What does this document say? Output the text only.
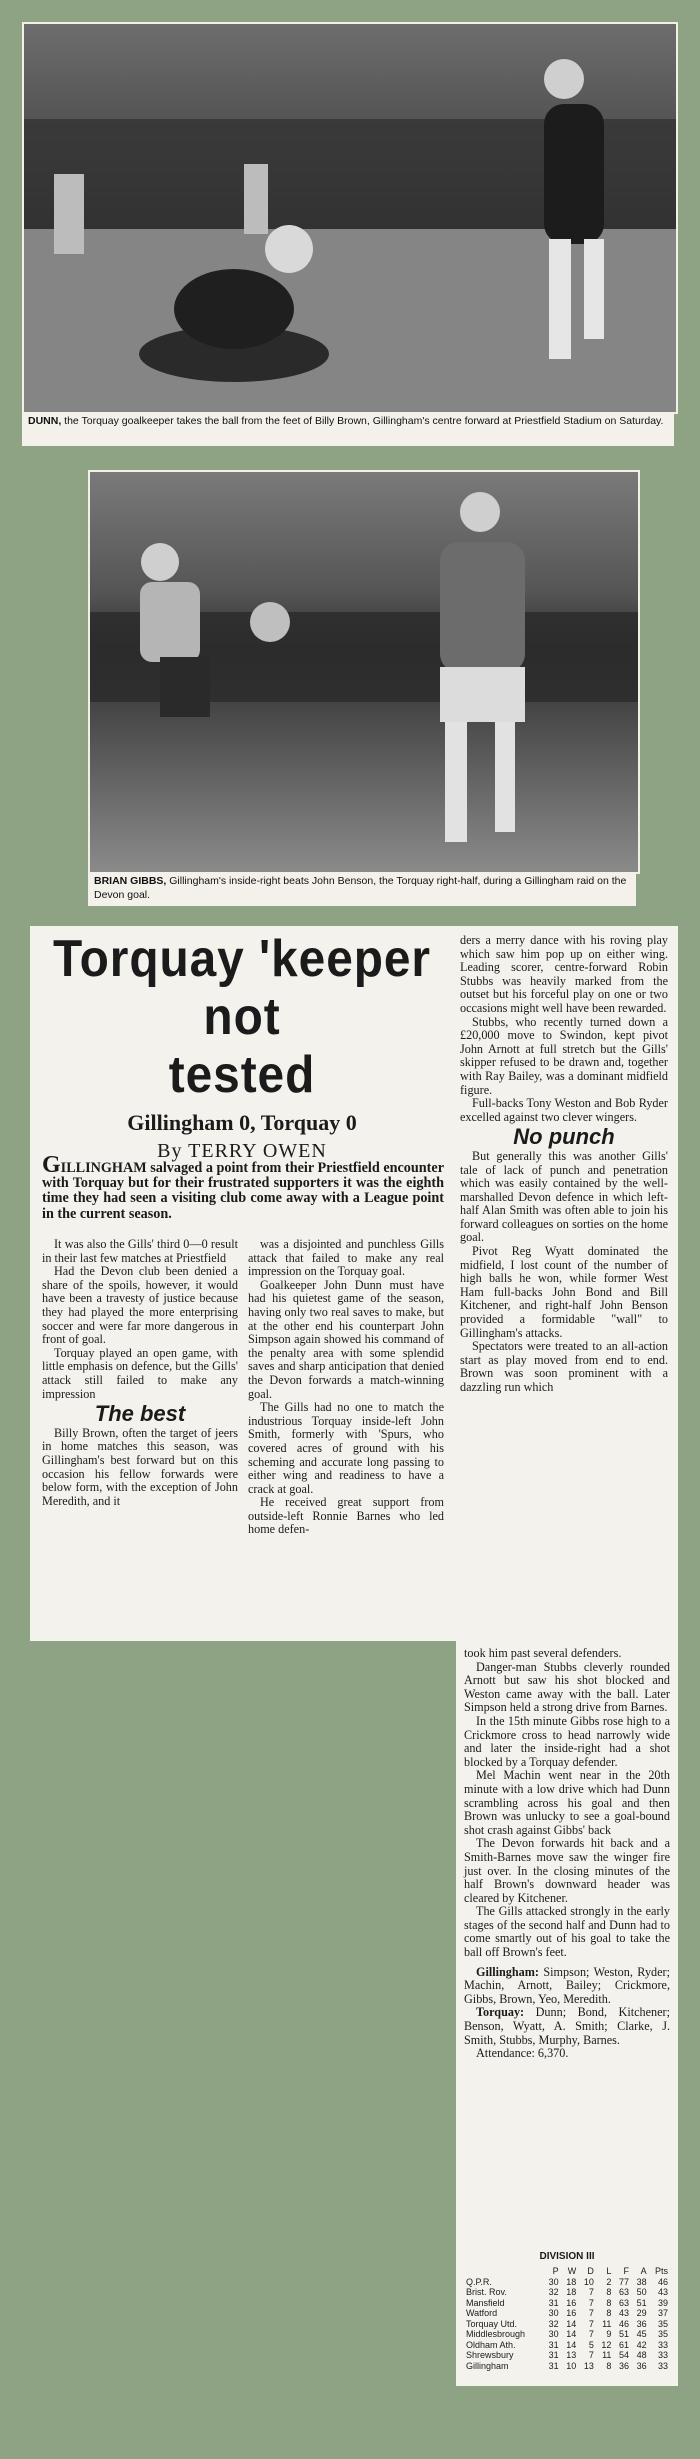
DUNN, the Torquay goalkeeper takes the ball from the feet of Billy Brown, Gillingham's centre forward at Priestfield Stadium on Saturday.
BRIAN GIBBS, Gillingham's inside-right beats John Benson, the Torquay right-half, during a Gillingham raid on the Devon goal.
Torquay 'keeper not
tested
Gillingham 0, Torquay 0
By TERRY OWEN
GILLINGHAM salvaged a point from their Priestfield encounter with Torquay but for their frustrated supporters it was the eighth time they had seen a visiting club come away with a League point in the current season.

It was also the Gills' third 0—0 result in their last few matches at Priestfield

Had the Devon club been denied a share of the spoils, however, it would have been a travesty of justice because they had played the more enterprising soccer and were far more dangerous in front of goal.

Torquay played an open game, with little emphasis on defence, but the Gills' attack still failed to make any impression

The best

Billy Brown, often the target of jeers in home matches this season, was Gillingham's best forward but on this occasion his fellow forwards were below form, with the exception of John Meredith, and it

was a disjointed and punchless Gills attack that failed to make any real impression on the Torquay goal.

Goalkeeper John Dunn must have had his quietest game of the season, having only two real saves to make, but at the other end his counterpart John Simpson again showed his command of the penalty area with some splendid saves and sharp anticipation that denied the Devon forwards a match-winning goal.

The Gills had no one to match the industrious Torquay inside-left John Smith, formerly with 'Spurs, who covered acres of ground with his scheming and accurate long passing to either wing and readiness to have a crack at goal.

He received great support from outside-left Ronnie Barnes who led home defen-

ders a merry dance with his roving play which saw him pop up on either wing. Leading scorer, centre-forward Robin Stubbs was heavily marked from the outset but his forceful play on one or two occasions might well have been rewarded.

Stubbs, who recently turned down a £20,000 move to Swindon, kept pivot John Arnott at full stretch but the Gills' skipper refused to be drawn and, together with Ray Bailey, was a dominant midfield figure.

Full-backs Tony Weston and Bob Ryder excelled against two clever wingers.

No punch

But generally this was another Gills' tale of lack of punch and penetration which was easily contained by the well-marshalled Devon defence in which left-half Alan Smith was often able to join his forward colleagues on sorties on the home goal.

Pivot Reg Wyatt dominated the midfield, I lost count of the number of high balls he won, while former West Ham full-backs John Bond and Bill Kitchener, and right-half John Benson provided a formidable "wall" to Gillingham's attacks.

Spectators were treated to an all-action start as play moved from end to end. Brown was soon prominent with a dazzling run which

took him past several defenders.

Danger-man Stubbs cleverly rounded Arnott but saw his shot blocked and Weston came away with the ball. Later Simpson held a strong drive from Barnes.

In the 15th minute Gibbs rose high to a Crickmore cross to head narrowly wide and later the inside-right had a shot blocked by a Torquay defender.

Mel Machin went near in the 20th minute with a low drive which had Dunn scrambling across his goal and then Brown was unlucky to see a goal-bound shot crash against Gibbs' back

The Devon forwards hit back and a Smith-Barnes move saw the winger fire just over. In the closing minutes of the half Brown's downward header was cleared by Kitchener.

The Gills attacked strongly in the early stages of the second half and Dunn had to come smartly out of his goal to take the ball off Brown's feet.

Gillingham: Simpson; Weston, Ryder; Machin, Arnott, Bailey; Crickmore, Gibbs, Brown, Yeo, Meredith.

Torquay: Dunn; Bond, Kitchener; Benson, Wyatt, A. Smith; Clarke, J. Smith, Stubbs, Murphy, Barnes.

Attendance: 6,370.

DIVISION III
	P	W	D	L	F	A	Pts
Q.P.R.	30	18	10	2	77	38	46
Brist. Rov.	32	18	7	8	63	50	43
Mansfield	31	16	7	8	63	51	39
Watford	30	16	7	8	43	29	37
Torquay Utd.	32	14	7	11	46	36	35
Middlesbrough	30	14	7	9	51	45	35
Oldham Ath.	31	14	5	12	61	42	33
Shrewsbury	31	13	7	11	54	48	33
Gillingham	31	10	13	8	36	36	33
